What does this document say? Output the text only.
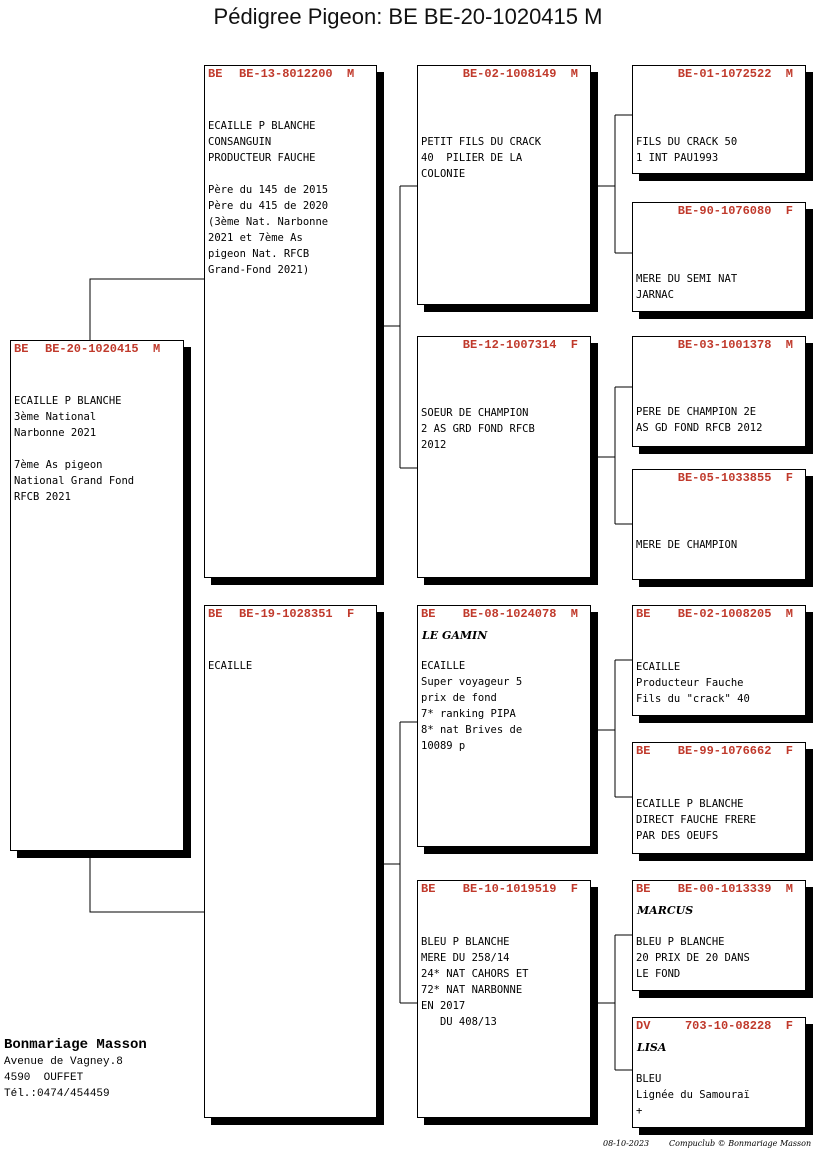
Pédigree Pigeon: BE BE-20-1020415 M

BE

BE-20-1020415  M

ECAILLE P BLANCHE
3ème National
Narbonne 2021
7ème As pigeon
National Grand Fond
RFCB 2021

BE

BE-13-8012200  M

ECAILLE P BLANCHE
CONSANGUIN
PRODUCTEUR FAUCHE
Père du 145 de 2015
Père du 415 de 2020
(3ème Nat. Narbonne
2021 et 7ème As
pigeon Nat. RFCB
Grand-Fond 2021)

BE

BE-19-1028351  F

ECAILLE

BE-02-1008149  M

PETIT FILS DU CRACK
40  PILIER DE LA
COLONIE

BE-12-1007314  F

SOEUR DE CHAMPION
2 AS GRD FOND RFCB
2012

BE

BE-08-1024078  M

LE GAMIN
ECAILLE
Super voyageur 5
prix de fond
7* ranking PIPA
8* nat Brives de
10089 p

BE

BE-10-1019519  F

BLEU P BLANCHE
MERE DU 258/14
24* NAT CAHORS ET
72* NAT NARBONNE
EN 2017
DU 408/13

BE-01-1072522  M

FILS DU CRACK 50
1 INT PAU1993

BE-90-1076080  F

MERE DU SEMI NAT
JARNAC

BE-03-1001378  M

PERE DE CHAMPION 2E
AS GD FOND RFCB 2012

BE-05-1033855  F

MERE DE CHAMPION

BE

BE-02-1008205  M

ECAILLE
Producteur Fauche
Fils du "crack" 40

BE

BE-99-1076662  F

ECAILLE P BLANCHE
DIRECT FAUCHE FRERE
PAR DES OEUFS

BE

BE-00-1013339  M

MARCUS
BLEU P BLANCHE
20 PRIX DE 20 DANS
LE FOND

DV

	703-10-08228  F

LISA
BLEU
Lignée du Samouraï
+
Bonmariage Masson
Avenue de Vagney.8
4590  OUFFET
Tél.:0474/454459
08-10-2023 Compuclub © Bonmariage Masson
